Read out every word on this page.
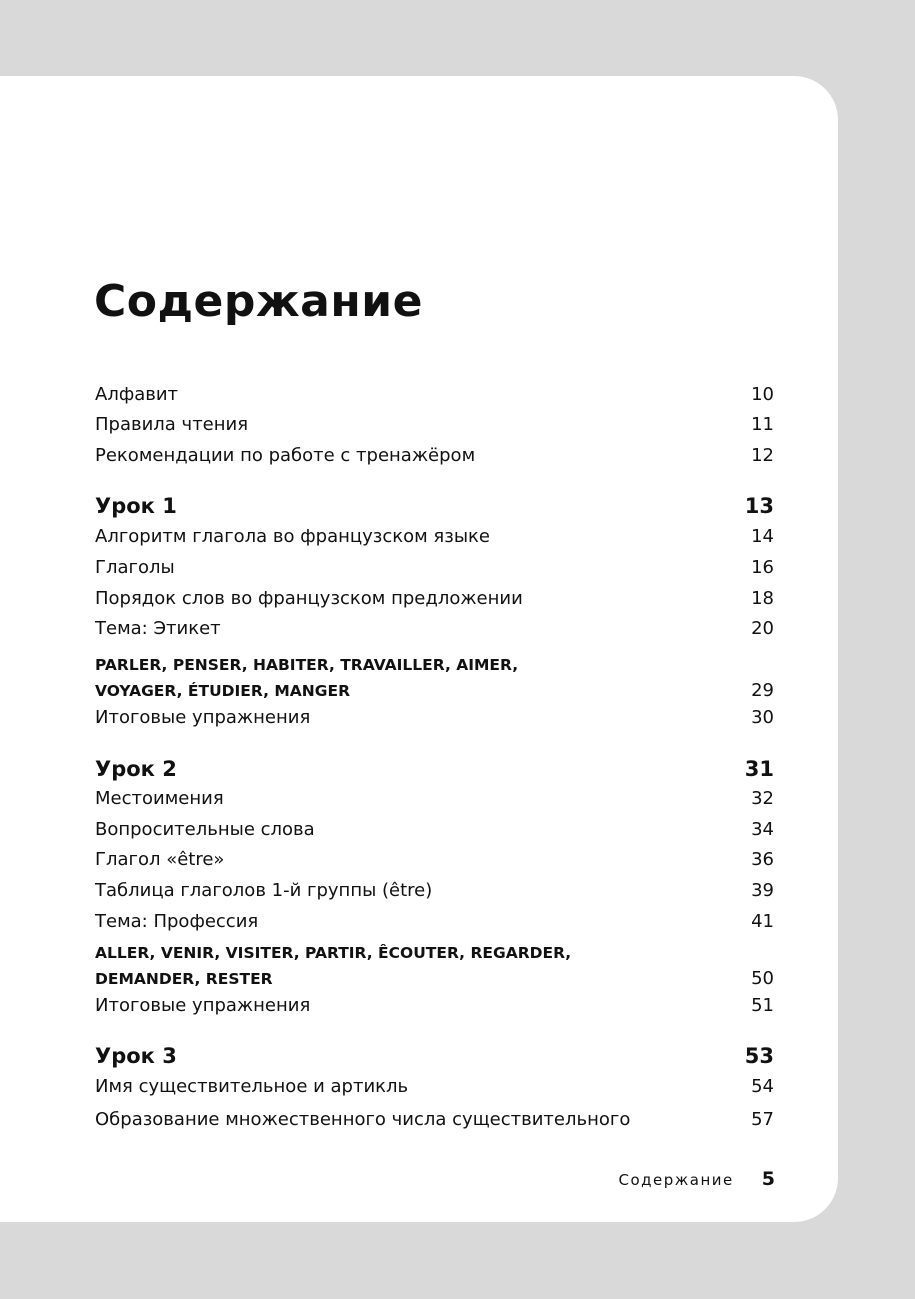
Содержание
Алфавит	10
Правила чтения	11
Рекомендации по работе с тренажёром	12
Урок 1	13
Алгоритм глагола во французском языке	14
Глаголы	16
Порядок слов во французском предложении	18
Тема: Этикет	20
PARLER, PENSER, HABITER, TRAVAILLER, AIMER,
VOYAGER, ÉTUDIER, MANGER	29
Итоговые упражнения	30
Урок 2	31
Местоимения	32
Вопросительные слова	34
Глагол «être»	36
Таблица глаголов 1-й группы (être)	39
Тема: Профессия	41
ALLER, VENIR, VISITER, PARTIR, ÊCOUTER, REGARDER,
DEMANDER, RESTER	50
Итоговые упражнения	51
Урок 3	53
Имя существительное и артикль	54
Образование множественного числа существительного	57
Содержание 5
